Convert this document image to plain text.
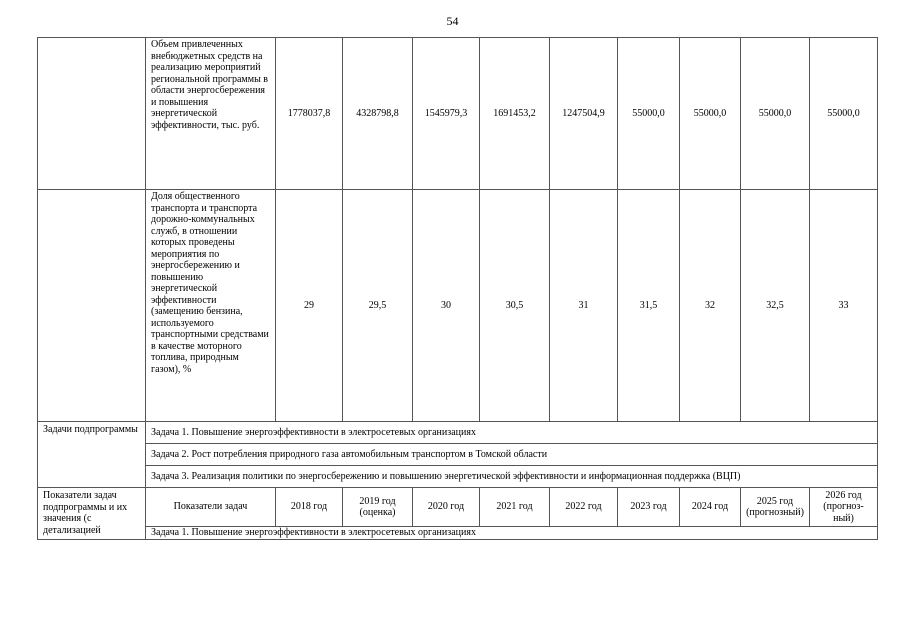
54
	Объем привлеченных внебюджетных средств на реализацию мероприятий региональной программы в области энергосбережения и повышения энергетической эффективности, тыс. руб.	1778037,8	4328798,8	1545979,3	1691453,2	1247504,9	55000,0	55000,0	55000,0	55000,0
	Доля общественного транспорта и транспорта дорожно-коммунальных служб, в отношении которых проведены мероприятия по энергосбережению и повышению энергетической эффективности (замещению бензина, используемого транспортными средствами в качестве моторного топлива, природным газом), %	29	29,5	30	30,5	31	31,5	32	32,5	33
Задачи подпрограммы	Задача 1. Повышение энергоэффективности в электросетевых организациях									
	Задача 2. Рост потребления природного газа автомобильным транспортом в Томской области									
	Задача 3. Реализация политики по энергосбережению и повышению энергетической эффективности и информационная поддержка (ВЦП)									
Показатели задач подпрограммы и их значения (с детализацией	Показатели задач	2018 год	2019 год (оценка)	2020 год	2021 год	2022 год	2023 год	2024 год	2025 год (прогнозный)	2026 год (прогноз-ный)
	Задача 1. Повышение энергоэффективности в электросетевых организациях									
